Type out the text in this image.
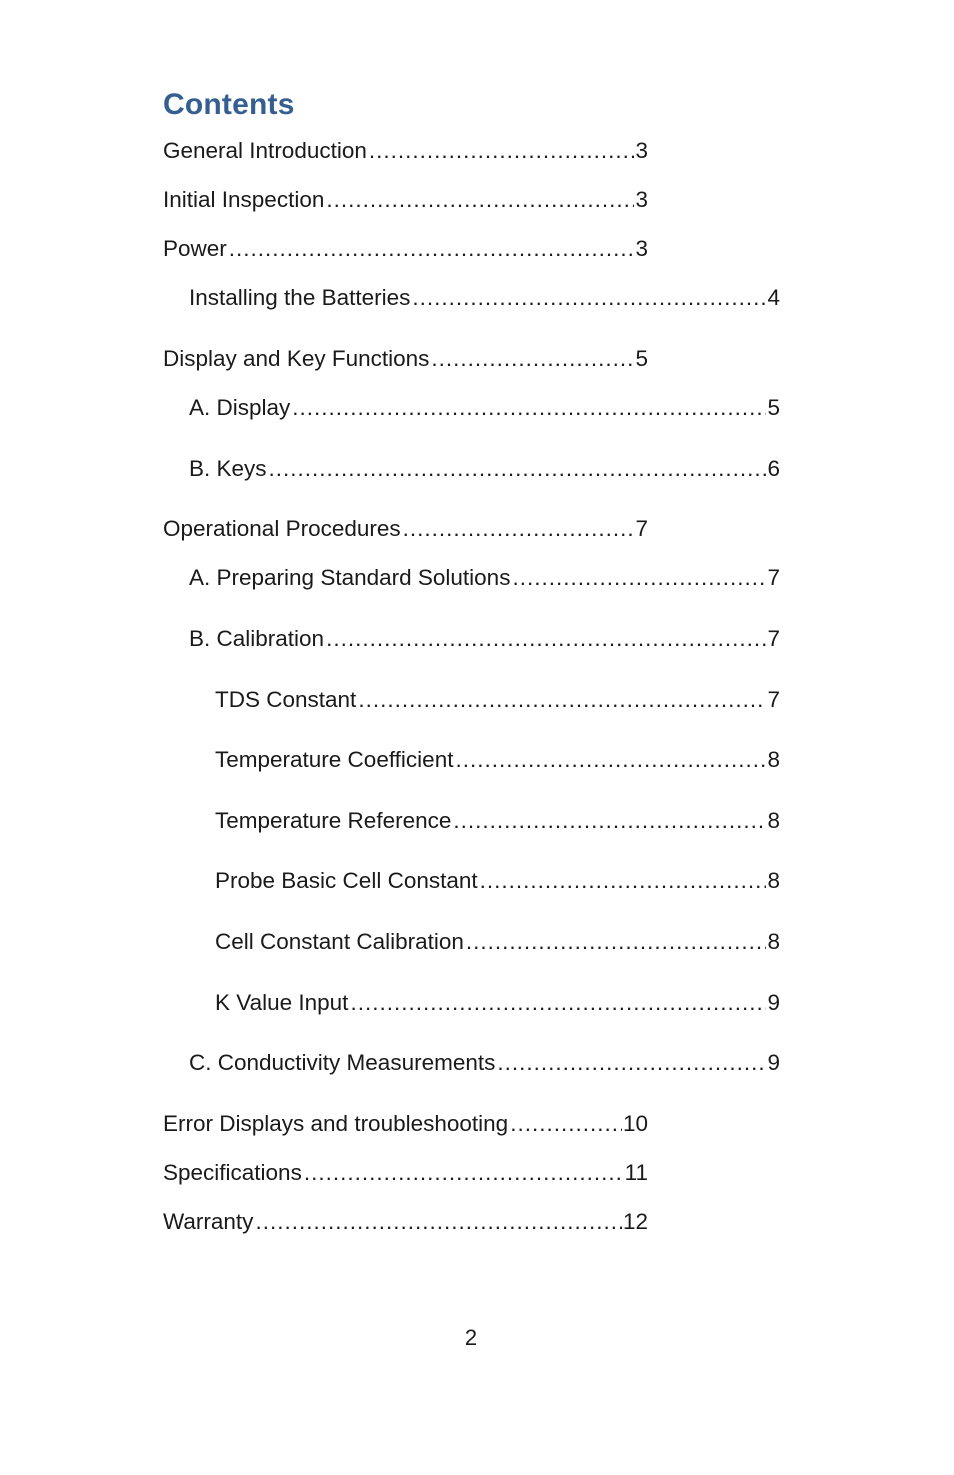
Contents
General Introduction .....	3
Initial Inspection .....	3
Power .....	3
Installing the Batteries .....	4
Display and Key Functions .....	5
A. Display .....	5
B. Keys .....	6
Operational Procedures .....	7
A. Preparing Standard Solutions .....	7
B. Calibration .....	7
TDS Constant .....	7
Temperature Coefficient .....	8
Temperature Reference .....	8
Probe Basic Cell Constant .....	8
Cell Constant Calibration .....	8
K Value Input .....	9
C. Conductivity Measurements .....	9
Error Displays and troubleshooting .....	10
Specifications .....	11
Warranty .....	12
2
